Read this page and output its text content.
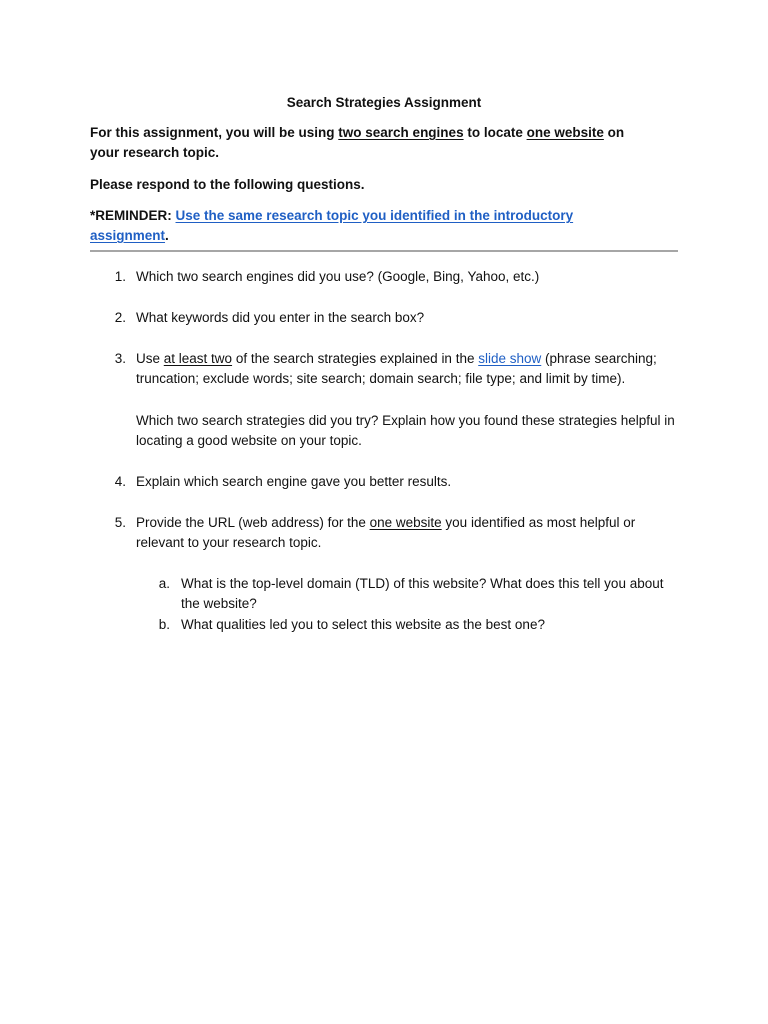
Search Strategies Assignment
For this assignment, you will be using two search engines to locate one website on your research topic.
Please respond to the following questions.
*REMINDER: Use the same research topic you identified in the introductory assignment.
1. Which two search engines did you use? (Google, Bing, Yahoo, etc.)
2. What keywords did you enter in the search box?
3. Use at least two of the search strategies explained in the slide show (phrase searching; truncation; exclude words; site search; domain search; file type; and limit by time).
Which two search strategies did you try? Explain how you found these strategies helpful in locating a good website on your topic.
4. Explain which search engine gave you better results.
5. Provide the URL (web address) for the one website you identified as most helpful or relevant to your research topic.
a. What is the top-level domain (TLD) of this website? What does this tell you about the website?
b. What qualities led you to select this website as the best one?
